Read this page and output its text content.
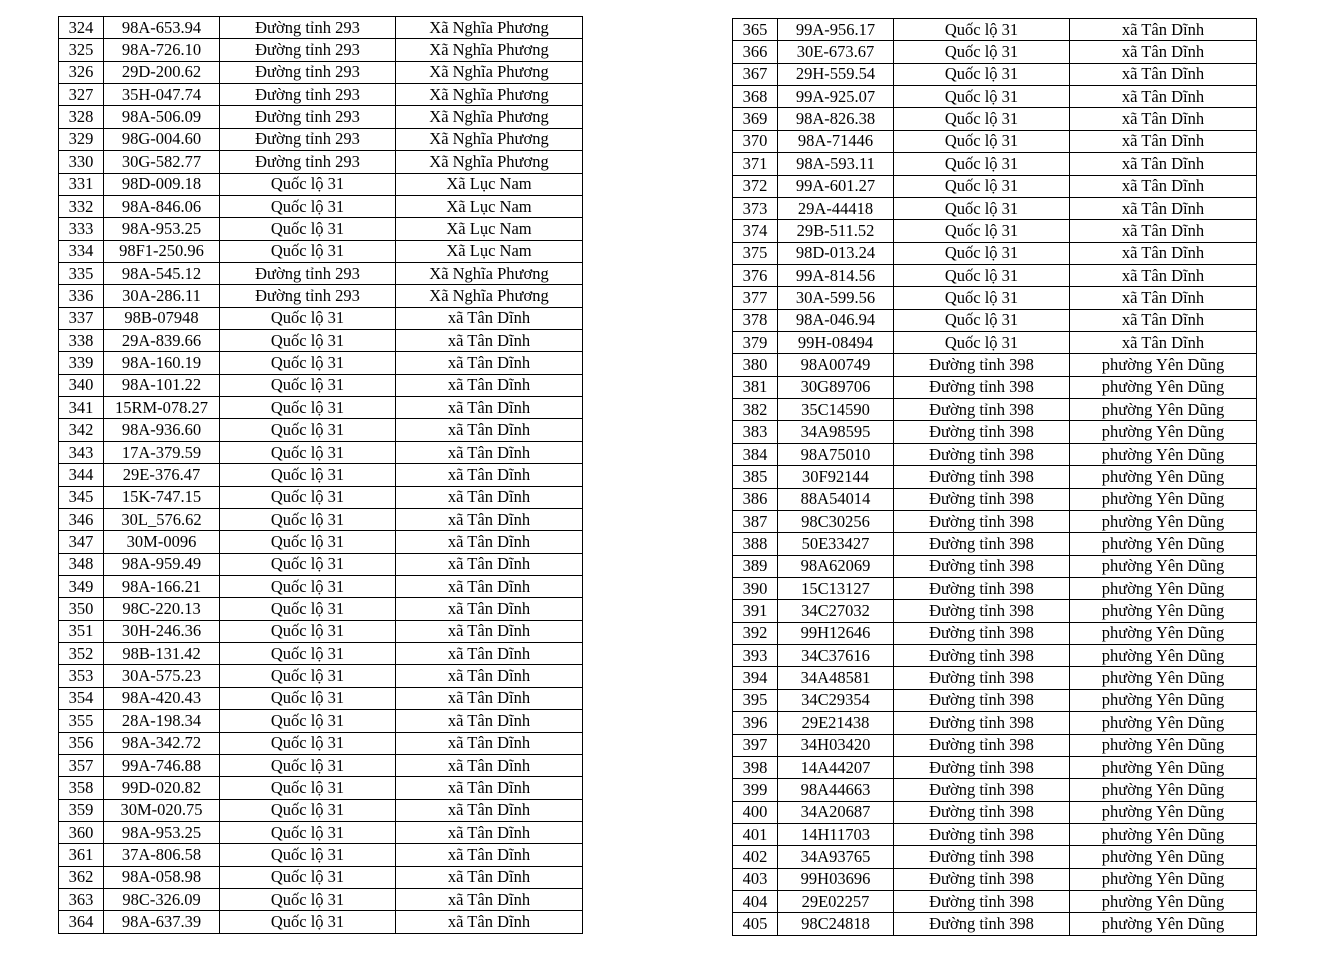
324	98A-653.94	Đường tỉnh 293	Xã Nghĩa Phương
325	98A-726.10	Đường tỉnh 293	Xã Nghĩa Phương
326	29D-200.62	Đường tỉnh 293	Xã Nghĩa Phương
327	35H-047.74	Đường tỉnh 293	Xã Nghĩa Phương
328	98A-506.09	Đường tỉnh 293	Xã Nghĩa Phương
329	98G-004.60	Đường tỉnh 293	Xã Nghĩa Phương
330	30G-582.77	Đường tỉnh 293	Xã Nghĩa Phương
331	98D-009.18	Quốc lộ 31	Xã Lục Nam
332	98A-846.06	Quốc lộ 31	Xã Lục Nam
333	98A-953.25	Quốc lộ 31	Xã Lục Nam
334	98F1-250.96	Quốc lộ 31	Xã Lục Nam
335	98A-545.12	Đường tỉnh 293	Xã Nghĩa Phương
336	30A-286.11	Đường tỉnh 293	Xã Nghĩa Phương
337	98B-07948	Quốc lộ 31	xã Tân Dĩnh
338	29A-839.66	Quốc lộ 31	xã Tân Dĩnh
339	98A-160.19	Quốc lộ 31	xã Tân Dĩnh
340	98A-101.22	Quốc lộ 31	xã Tân Dĩnh
341	15RM-078.27	Quốc lộ 31	xã Tân Dĩnh
342	98A-936.60	Quốc lộ 31	xã Tân Dĩnh
343	17A-379.59	Quốc lộ 31	xã Tân Dĩnh
344	29E-376.47	Quốc lộ 31	xã Tân Dĩnh
345	15K-747.15	Quốc lộ 31	xã Tân Dĩnh
346	30L_576.62	Quốc lộ 31	xã Tân Dĩnh
347	30M-0096	Quốc lộ 31	xã Tân Dĩnh
348	98A-959.49	Quốc lộ 31	xã Tân Dĩnh
349	98A-166.21	Quốc lộ 31	xã Tân Dĩnh
350	98C-220.13	Quốc lộ 31	xã Tân Dĩnh
351	30H-246.36	Quốc lộ 31	xã Tân Dĩnh
352	98B-131.42	Quốc lộ 31	xã Tân Dĩnh
353	30A-575.23	Quốc lộ 31	xã Tân Dĩnh
354	98A-420.43	Quốc lộ 31	xã Tân Dĩnh
355	28A-198.34	Quốc lộ 31	xã Tân Dĩnh
356	98A-342.72	Quốc lộ 31	xã Tân Dĩnh
357	99A-746.88	Quốc lộ 31	xã Tân Dĩnh
358	99D-020.82	Quốc lộ 31	xã Tân Dĩnh
359	30M-020.75	Quốc lộ 31	xã Tân Dĩnh
360	98A-953.25	Quốc lộ 31	xã Tân Dĩnh
361	37A-806.58	Quốc lộ 31	xã Tân Dĩnh
362	98A-058.98	Quốc lộ 31	xã Tân Dĩnh
363	98C-326.09	Quốc lộ 31	xã Tân Dĩnh
364	98A-637.39	Quốc lộ 31	xã Tân Dĩnh
365	99A-956.17	Quốc lộ 31	xã Tân Dĩnh
366	30E-673.67	Quốc lộ 31	xã Tân Dĩnh
367	29H-559.54	Quốc lộ 31	xã Tân Dĩnh
368	99A-925.07	Quốc lộ 31	xã Tân Dĩnh
369	98A-826.38	Quốc lộ 31	xã Tân Dĩnh
370	98A-71446	Quốc lộ 31	xã Tân Dĩnh
371	98A-593.11	Quốc lộ 31	xã Tân Dĩnh
372	99A-601.27	Quốc lộ 31	xã Tân Dĩnh
373	29A-44418	Quốc lộ 31	xã Tân Dĩnh
374	29B-511.52	Quốc lộ 31	xã Tân Dĩnh
375	98D-013.24	Quốc lộ 31	xã Tân Dĩnh
376	99A-814.56	Quốc lộ 31	xã Tân Dĩnh
377	30A-599.56	Quốc lộ 31	xã Tân Dĩnh
378	98A-046.94	Quốc lộ 31	xã Tân Dĩnh
379	99H-08494	Quốc lộ 31	xã Tân Dĩnh
380	98A00749	Đường tỉnh 398	phường Yên Dũng
381	30G89706	Đường tỉnh 398	phường Yên Dũng
382	35C14590	Đường tỉnh 398	phường Yên Dũng
383	34A98595	Đường tỉnh 398	phường Yên Dũng
384	98A75010	Đường tỉnh 398	phường Yên Dũng
385	30F92144	Đường tỉnh 398	phường Yên Dũng
386	88A54014	Đường tỉnh 398	phường Yên Dũng
387	98C30256	Đường tỉnh 398	phường Yên Dũng
388	50E33427	Đường tỉnh 398	phường Yên Dũng
389	98A62069	Đường tỉnh 398	phường Yên Dũng
390	15C13127	Đường tỉnh 398	phường Yên Dũng
391	34C27032	Đường tỉnh 398	phường Yên Dũng
392	99H12646	Đường tỉnh 398	phường Yên Dũng
393	34C37616	Đường tỉnh 398	phường Yên Dũng
394	34A48581	Đường tỉnh 398	phường Yên Dũng
395	34C29354	Đường tỉnh 398	phường Yên Dũng
396	29E21438	Đường tỉnh 398	phường Yên Dũng
397	34H03420	Đường tỉnh 398	phường Yên Dũng
398	14A44207	Đường tỉnh 398	phường Yên Dũng
399	98A44663	Đường tỉnh 398	phường Yên Dũng
400	34A20687	Đường tỉnh 398	phường Yên Dũng
401	14H11703	Đường tỉnh 398	phường Yên Dũng
402	34A93765	Đường tỉnh 398	phường Yên Dũng
403	99H03696	Đường tỉnh 398	phường Yên Dũng
404	29E02257	Đường tỉnh 398	phường Yên Dũng
405	98C24818	Đường tỉnh 398	phường Yên Dũng
